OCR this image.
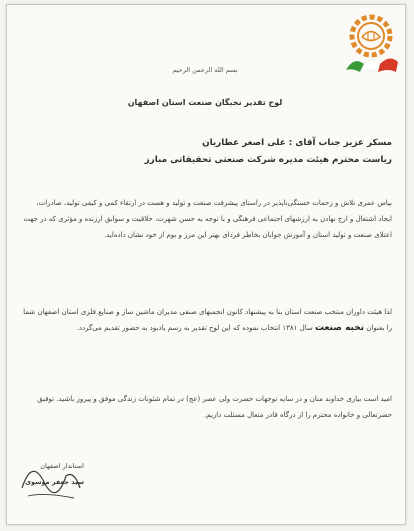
بسم الله الرحمن الرحيم
لوح تقدیر نخبگان صنعت استان اصفهان
مسکر عزیز جناب آقای : علی اصغر عطاریان
ریاست محترم هیئت مدیره شرکت صنعتی تحقیقاتی مبارز
بیاس عمری تلاش و زحمات خستگی‌ناپذیر در راستای پیشرفت صنعت و تولید و هست در ارتقاء کمی و کیفی تولید، صادرات، ایجاد اشتغال و ارج نهادن به ارزشهای اجتماعی فرهنگی و با توجه به حسن شهرت، خلاقیت و سوابق ارزنده و مؤثری که در جهت اعتلای صنعت و تولید استان و آموزش جوانان بخاطر فردای بهتر این مرز و بوم از خود نشان داده‌اید.
لذا هیئت داوران منتخب صنعت استان بنا به پیشنهاد کانون انجمنهای صنفی مدیران ماشین ساز و صنایع فلزی استان اصفهان شما را بعنوان نخبه صنعت سال ۱۳۸۱ انتخاب نموده که این لوح تقدیر به رسم یادبود به حضور تقدیم می‌گردد.
امید است بیاری خداوند منان و در سایه توجهات حضرت ولی عصر (عج) در تمام شئونات زندگی موفق و پیروز باشید. توفیق حضرتعالی و خانواده محترم را از درگاه قادر متعال مسئلت داریم.
استاندار اصفهان
سید جعفر موسوی
